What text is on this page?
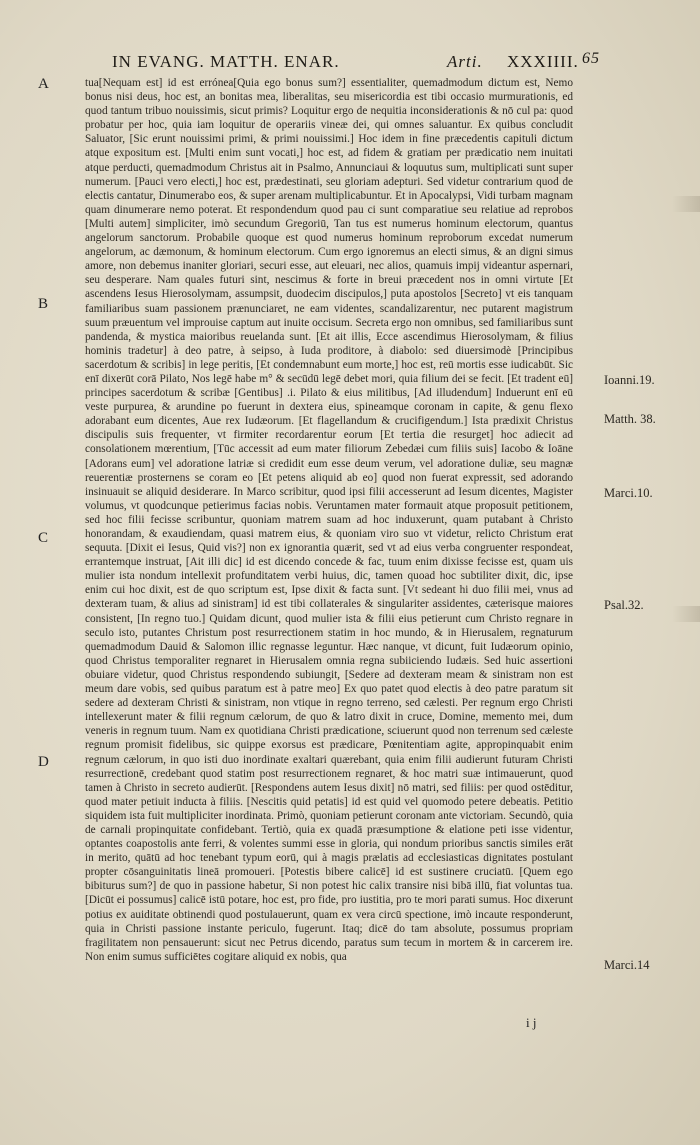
IN EVANG. MATTH. ENAR.	Arti. XXXIIII. 65
A
B
C
D
Ioanni.19.
Matth. 38.
Marci.10.
Psal.32.
Marci.14

tua[Nequam est] id est errónea[Quia ego bonus sum?] essentialiter, quemadmodum dictum est, Nemo bonus nisi deus, hoc est, an bonitas mea, liberalitas, seu misericordia est tibi occasio murmurationis, ed quod tantum tribuo nouissimis, sicut primis? Loquitur ergo de nequitia inconsiderationis & nō cul pa: quod probatur per hoc, quia iam loquitur de operariis vineæ dei, qui omnes saluantur. Ex quibus concludit Saluator, [Sic erunt nouissimi primi, & primi nouissimi.] Hoc idem in fine præcedentis capituli dictum atque expositum est. [Multi enim sunt vocati,] hoc est, ad fidem & gratiam per prædicatio nem inuitati atque perducti, quemadmodum Christus ait in Psalmo, Annunciaui & loquutus sum, multiplicati sunt super numerum. [Pauci vero electi,] hoc est, prædestinati, seu gloriam adepturi. Sed videtur contrarium quod de electis cantatur, Dinumerabo eos, & super arenam multiplicabuntur. Et in Apocalypsi, Vidi turbam magnam quam dinumerare nemo poterat. Et respondendum quod pau ci sunt comparatiue seu relatiue ad reprobos [Multi autem] simpliciter, imò secundum Gregoriū, Tan tus est numerus hominum electorum, quantus angelorum sanctorum. Probabile quoque est quod numerus hominum reproborum excedat numerum angelorum, ac dæmonum, & hominum electorum. Cum ergo ignoremus an electi simus, & an digni simus amore, non debemus inaniter gloriari, securi esse, aut eleuari, nec alios, quamuis impij videantur aspernari, seu desperare. Nam quales futuri sint, nescimus & forte in breui præcedent nos in omni virtute [Et ascendens Iesus Hierosolymam, assumpsit, duodecim discipulos,] puta apostolos [Secreto] vt eis tanquam familiaribus suam passionem prænunciaret, ne eam videntes, scandalizarentur, nec putarent magistrum suum præuentum vel improuise captum aut inuite occisum. Secreta ergo non omnibus, sed familiaribus sunt pandenda, & mystica maioribus reuelanda sunt. [Et ait illis, Ecce ascendimus Hierosolymam, & filius hominis tradetur] à deo patre, à seipso, à Iuda proditore, à diabolo: sed diuersimodè [Principibus sacerdotum & scribis] in lege peritis, [Et condemnabunt eum morte,] hoc est, reū mortis esse iudicabūt. Sic enī dixerūt corā Pilato, Nos legē habe m° & secūdū legē debet mori, quia filium dei se fecit. [Et tradent eū] principes sacerdotum & scribæ [Gentibus] .i. Pilato & eius militibus, [Ad illudendum] Induerunt enī eū veste purpurea, & arundine po fuerunt in dextera eius, spineamque coronam in capite, & genu flexo adorabant eum dicentes, Aue rex Iudæorum. [Et flagellandum & crucifigendum.] Ista prædixit Christus discipulis suis frequenter, vt firmiter recordarentur eorum [Et tertia die resurget] hoc adiecit ad consolationem mœrentium, [Tūc accessit ad eum mater filiorum Zebedæi cum filiis suis] Iacobo & Ioāne [Adorans eum] vel adoratione latriæ si credidit eum esse deum verum, vel adoratione duliæ, seu magnæ reuerentiæ prosternens se coram eo [Et petens aliquid ab eo] quod non fuerat expressit, sed adorando insinuauit se aliquid desiderare. In Marco scribitur, quod ipsi filii accesserunt ad Iesum dicentes, Magister volumus, vt quodcunque petierimus facias nobis. Veruntamen mater formauit atque proposuit petitionem, sed hoc filii fecisse scribuntur, quoniam matrem suam ad hoc induxerunt, quam putabant à Christo honorandam, & exaudiendam, quasi matrem eius, & quoniam viro suo vt videtur, relicto Christum erat sequuta. [Dixit ei Iesus, Quid vis?] non ex ignorantia quærit, sed vt ad eius verba congruenter respondeat, errantemque instruat, [Ait illi dic] id est dicendo concede & fac, tuum enim dixisse fecisse est, quam uis mulier ista nondum intellexit profunditatem verbi huius, dic, tamen quoad hoc subtiliter dixit, dic, ipse enim cui hoc dixit, est de quo scriptum est, Ipse dixit & facta sunt. [Vt sedeant hi duo filii mei, vnus ad dexteram tuam, & alius ad sinistram] id est tibi collaterales & singulariter assidentes, cæterisque maiores consistent, [In regno tuo.] Quidam dicunt, quod mulier ista & filii eius petierunt cum Christo regnare in seculo isto, putantes Christum post resurrectionem statim in hoc mundo, & in Hierusalem, regnaturum quemadmodum Dauid & Salomon illic regnasse leguntur. Hæc nanque, vt dicunt, fuit Iudæorum opinio, quod Christus temporaliter regnaret in Hierusalem omnia regna subiiciendo Iudæis. Sed huic assertioni obuiare videtur, quod Christus respondendo subiungit, [Sedere ad dexteram meam & sinistram non est meum dare vobis, sed quibus paratum est à patre meo] Ex quo patet quod electis à deo patre paratum sit sedere ad dexteram Christi & sinistram, non vtique in regno terreno, sed cælesti. Per regnum ergo Christi intellexerunt mater & filii regnum cælorum, de quo & latro dixit in cruce, Domine, memento mei, dum veneris in regnum tuum. Nam ex quotidiana Christi prædicatione, sciuerunt quod non terrenum sed cæleste regnum promisit fidelibus, sic quippe exorsus est prædicare, Pœnitentiam agite, appropinquabit enim regnum cælorum, in quo isti duo inordinate exaltari quærebant, quia enim filii audierunt futuram Christi resurrectionē, credebant quod statim post resurrectionem regnaret, & hoc matri suæ intimauerunt, quod tamen à Christo in secreto audierūt. [Respondens autem Iesus dixit] nō matri, sed filiis: per quod ostēditur, quod mater petiuit inducta à filiis. [Nescitis quid petatis] id est quid vel quomodo petere debeatis. Petitio siquidem ista fuit multipliciter inordinata. Primò, quoniam petierunt coronam ante victoriam. Secundò, quia de carnali propinquitate confidebant. Tertiò, quia ex quadā præsumptione & elatione peti isse videntur, optantes coapostolis ante ferri, & volentes summi esse in gloria, qui nondum prioribus sanctis similes erāt in merito, quātū ad hoc tenebant typum eorū, qui à magis prælatis ad ecclesiasticas dignitates postulant propter cōsanguinitatis lineā promoueri. [Potestis bibere calicē] id est sustinere cruciatū. [Quem ego bibiturus sum?] de quo in passione habetur, Si non potest hic calix transire nisi bibā illū, fiat voluntas tua. [Dicūt ei possumus] calicē istū potare, hoc est, pro fide, pro iustitia, pro te mori parati sumus. Hoc dixerunt potius ex auiditate obtinendi quod postulauerunt, quam ex vera circū spectione, imò incaute responderunt, quia in Christi passione instante periculo, fugerunt. Itaq; dicē do tam absolute, possumus propriam fragilitatem non pensauerunt: sicut nec Petrus dicendo, paratus sum tecum in mortem & in carcerem ire. Non enim sumus sufficiētes cogitare aliquid ex nobis, qua

i j
